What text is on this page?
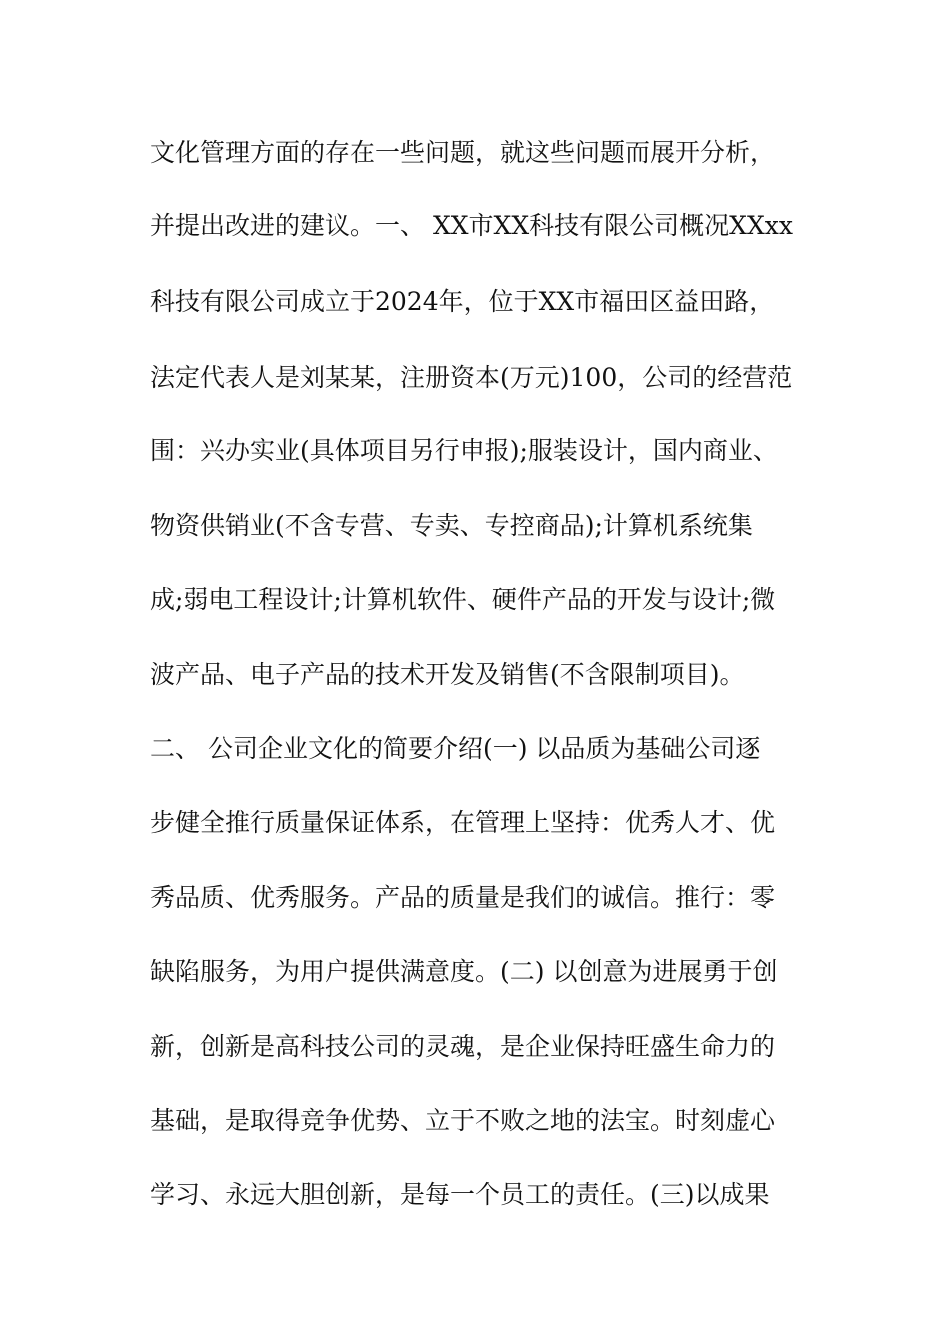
文化管理方面的存在一些问题，就这些问题而展开分析，
并提出改进的建议。一、 XX市XX科技有限公司概况XXxx
科技有限公司成立于2024年，位于XX市福田区益田路，
法定代表人是刘某某，注册资本(万元)100，公司的经营范
围：兴办实业(具体项目另行申报);服装设计，国内商业、
物资供销业(不含专营、专卖、专控商品);计算机系统集
成;弱电工程设计;计算机软件、硬件产品的开发与设计;微
波产品、电子产品的技术开发及销售(不含限制项目)。
二、 公司企业文化的简要介绍(一) 以品质为基础公司逐
步健全推行质量保证体系，在管理上坚持：优秀人才、优
秀品质、优秀服务。产品的质量是我们的诚信。推行：零
缺陷服务，为用户提供满意度。(二) 以创意为进展勇于创
新，创新是高科技公司的灵魂，是企业保持旺盛生命力的
基础，是取得竞争优势、立于不败之地的法宝。时刻虚心
学习、永远大胆创新，是每一个员工的责任。(三)以成果
